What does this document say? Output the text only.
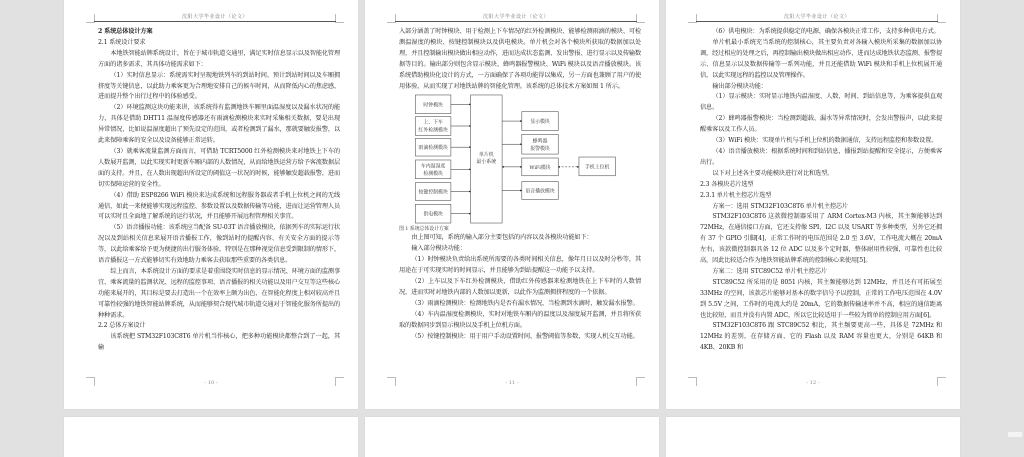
沈阳大学毕业设计（论文）
2 系统总体设计方案
2.1 系统设计要求

本地铁智能站牌系统设计，旨在于城市轨道交通里，满足实时信息显示以及智能化管理方面的诸多需求，其具体功能需求如下：

（1）实时信息显示：系统需实时呈现地铁列车的到站时间、预计到站时间以及车厢拥挤度等关键信息，以此助力乘客更为合理地安排自己的候车时间，从而降低内心的焦虑感，进而提升整个出行过程中的体验感受。

（2）环境监测这块功能来讲，该系统得有监测地铁车厢里面温湿度以及漏水状况的能力，具体是借助 DHT11 温湿度传感器还有雨滴检测模块来实时采集相关数据，要是出现异常情况，比如说温湿度超出了预先设定的范围，或者检测到了漏水，那就要触发报警，以此来保障乘客的安全以及设备能够正常运转。

（3）就乘客流量监测方面而言，可借助 TCRT5000 红外检测模块来对地铁上下车的人数展开监测，以此实现实时更新车厢内部的人数情况，从而给地铁运营方给予客流数据层面的支持。并且，在人数出现超出所设定的阈值这一状况的时候，能够触发超载报警，进而切实保障运营的安全性。

（4）借助 ESP8266 WiFi 模块来达成系统和远程服务器或者手机上位机之间的无线通信，如此一来便能够实现远程监控、参数设置以及数据传输等功能，进而让运营管理人员可以实时且全面地了解系统的运行状况，并且能够开展远程管理相关事宜。

（5）语音播报功能：该系统应当配备 SU-03T 语音播放模块，依据列车的实际运行状况以及到站相关信息来展开语音播报工作，像到站时的提醒内容、有关安全方面的提示等等，以此给乘客给予更为便捷的出行服务体验，特别是在那种视觉信息受到限制的情形下，语音播报这一方式能够切实有效地助力乘客去获取那些重要的各类信息。

综上而言，本系统设计方面的要求是着重围绕实时信息的显示情况、环境方面的监测事宜、乘客流量的监测状况、远程的监控事项、语音播报的相关功能以及用户交互等这些核心功能来展开的，其目标是要去打造出一个在效率上颇为出色、在智能化程度上相对较高并且可靠性较强的地铁智能站牌系统，从而能够契合现代城市轨道交通对于智能化服务所提出的种种需求。

2.2 总体方案设计

该系统把 STM32F103C8T6 单片机当作核心，把多种功能模块都整合到了一起，其输

- 10 -
沈阳大学毕业设计（论文）

入部分涵盖了时钟模块、用于检测上下车情况的红外检测模块、能够检测雨滴的模块、可检测温湿度的模块、按键控制模块以及供电模块。单片机会对各个模块所获取的数据加以处理，并且控制输出模块做出相应动作，进而达成状态监测、发出警报、进行显示以及传输数据等目的。输出部分则包含显示模块、蜂鸣器报警模块、WiFi 模块以及语音播放模块。该系统借助模块化设计的方式，一方面确保了各项功能得以集成，另一方面也兼顾了用户的使用体验，从而实现了对地铁站牌的智能化管理。该系统的总体技术方案如图 1 所示。

时钟模块
上、下车
红外检测模块
雨滴检测模块
车内温湿度
检测模块
按键控制模块
供电模块
单片机
最小系统
显示模块
蜂鸣器
报警模块
WiFi模块
语音播放模块
手机上位机

图 1 系统总体设计方案

由上图可知，系统的输入部分主要包括的内容以及各模块功能如下：

输入部分模块功能：

（1）时钟模块负责给出系统所需要的各类时间相关信息，像年月日以及时分秒等，其用途在于可实现实时的时间显示，并且能够为到站提醒这一功能予以支持。

（2）上车以及下车红外检测模块，借助红外传感器来检测地铁在上下车时的人数情况，进而实时对地铁内部的人数加以更新，以此作为监测拥挤程度的一个依据。

（3）雨滴检测模块：检测地铁内是否有漏水情况，当检测到水滴时，触发漏水报警。

（4）车内温湿度检测模块，实时对地铁车厢内的温度以及湿度展开监测，并且将所获取的数据同步到显示模块以及手机上位机方面。

（5）按键控制模块：用于用户手动设置时间、报警阈值等参数，实现人机交互功能。

- 11 -
沈阳大学毕业设计（论文）

（6）供电模块：为系统提供稳定的电源，确保各模块正常工作，支持多种供电方式。

单片机最小系统充当系统的控制核心，其主要负责对各输入模块所采集的数据加以协调，经过相应的处理之后，再控制输出模块做出相应动作，进而达成地铁状态监测、报警提示、信息显示以及数据传输等一系列功能，并且还能借助 WiFi 模块和手机上位机展开通信，以此实现远程的监控以及管理操作。

输出部分模块功能：

（1）显示模块：实时显示地铁内温湿度、人数、时间、到站信息等，为乘客提供直观信息。

（2）蜂鸣器报警模块：当检测到超载、漏水等异常情况时，会发出警报声，以此来提醒乘客以及工作人员。

（3）WiFi 模块：实现单片机与手机上位机的数据通信，支持远程监控和参数设置。

（4）语音播放模块：根据系统时间和到站信息，播报到站提醒和安全提示，方便乘客出行。

以下对上述各主要功能模块进行对比和选型。

2.3 各模块芯片选型
2.3.1 单片机主控芯片选型

方案一：选用 STM32F103C8T6 单片机主控芯片

STM32F103C8T6 这款微控制器采用了 ARM Cortex-M3 内核，其主频能够达到 72MHz，在通信接口方面，它还支持像 SPI、I2C 以及 USART 等多种类型，另外它还拥有 37 个 GPIO 引脚[4]，正常工作时的电压范围是 2.0 至 3.6V，工作电流大概在 20mA 左右，该款微控制器具备 12 位 ADC 以及多个定时器，整体耐用性较强，可靠性也比较高，因此比较适合作为地铁智能站牌系统的控制核心来使用[5]。

方案二：选用 STC89C52 单片机主控芯片

STC89C52 所采用的是 8051 内核，其主频能够达到 12MHz，并且还有可拓展至 33MHz 的空间，该款芯片能够对基本的数字信号予以控制，正常的工作电压范围在 4.0V 到 5.5V 之间，工作时的电流大约是 20mA，它的数据传输速率并不高，相应的通信距离也比较短，而且并没有内置 ADC，所以它比较适用于一些较为简单的控制应用方面[6]。

STM32F103C8T6 跟 STC89C52 相比，其主频要更高一些，具体是 72MHz 和 12MHz 的差别，在存储方面，它的 Flash 以及 RAM 容量也更大，分别是 64KB 和 4KB、20KB 和

- 12 -
